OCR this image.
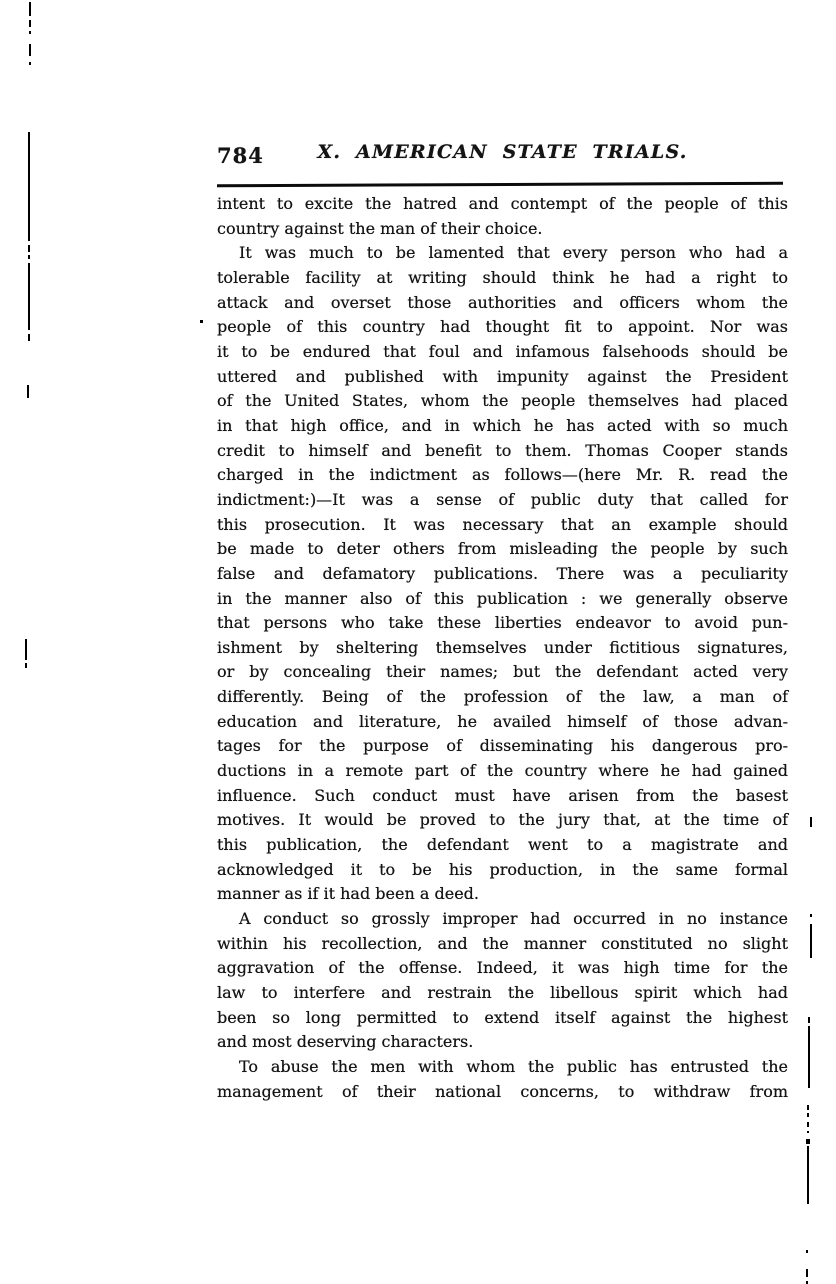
784	X. AMERICAN STATE TRIALS.
intent to excite the hatred and contempt of the people of this
country against the man of their choice.
It was much to be lamented that every person who had a
tolerable facility at writing should think he had a right to
attack and overset those authorities and officers whom the
people of this country had thought fit to appoint. Nor was
it to be endured that foul and infamous falsehoods should be
uttered and published with impunity against the President
of the United States, whom the people themselves had placed
in that high office, and in which he has acted with so much
credit to himself and benefit to them. Thomas Cooper stands
charged in the indictment as follows—(here Mr. R. read the
indictment:)—It was a sense of public duty that called for
this prosecution. It was necessary that an example should
be made to deter others from misleading the people by such
false and defamatory publications. There was a peculiarity
in the manner also of this publication : we generally observe
that persons who take these liberties endeavor to avoid pun-
ishment by sheltering themselves under fictitious signatures,
or by concealing their names; but the defendant acted very
differently. Being of the profession of the law, a man of
education and literature, he availed himself of those advan-
tages for the purpose of disseminating his dangerous pro-
ductions in a remote part of the country where he had gained
influence. Such conduct must have arisen from the basest
motives. It would be proved to the jury that, at the time of
this publication, the defendant went to a magistrate and
acknowledged it to be his production, in the same formal
manner as if it had been a deed.
A conduct so grossly improper had occurred in no instance
within his recollection, and the manner constituted no slight
aggravation of the offense. Indeed, it was high time for the
law to interfere and restrain the libellous spirit which had
been so long permitted to extend itself against the highest
and most deserving characters.
To abuse the men with whom the public has entrusted the
management of their national concerns, to withdraw from
